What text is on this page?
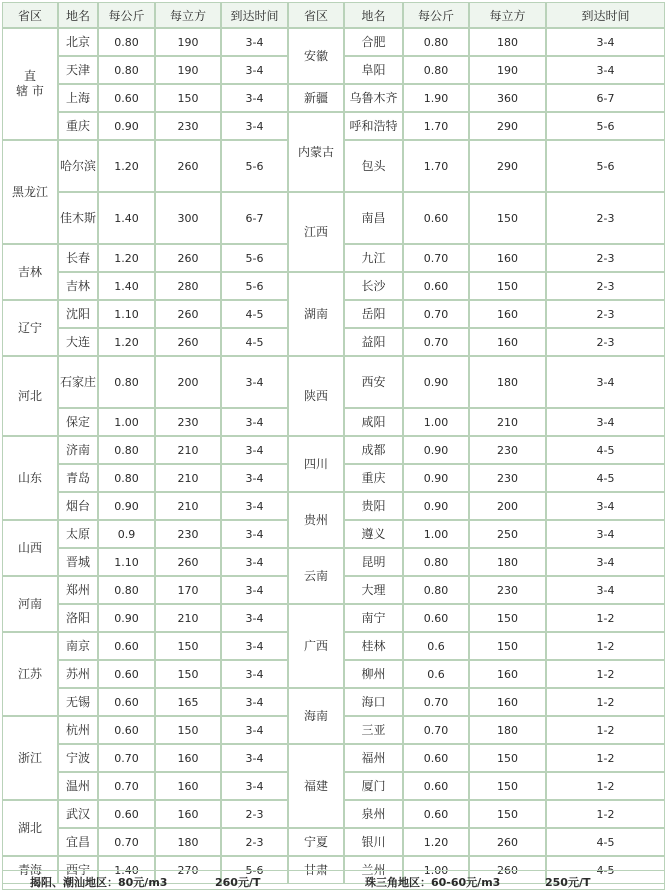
省区	地名	每公斤	每立方	到达时间
直
辖 市	北京	0.80	190	3-4
	天津	0.80	190	3-4
	上海	0.60	150	3-4
	重庆	0.90	230	3-4
黑龙江	哈尔滨	1.20	260	5-6
	佳木斯	1.40	300	6-7
吉林	长春	1.20	260	5-6
	吉林	1.40	280	5-6
辽宁	沈阳	1.10	260	4-5
	大连	1.20	260	4-5
河北	石家庄	0.80	200	3-4
	保定	1.00	230	3-4
山东	济南	0.80	210	3-4
	青岛	0.80	210	3-4
	烟台	0.90	210	3-4
山西	太原	0.9	230	3-4
	晋城	1.10	260	3-4
河南	郑州	0.80	170	3-4
	洛阳	0.90	210	3-4
江苏	南京	0.60	150	3-4
	苏州	0.60	150	3-4
	无锡	0.60	165	3-4
浙江	杭州	0.60	150	3-4
	宁波	0.70	160	3-4
	温州	0.70	160	3-4
湖北	武汉	0.60	160	2-3
	宜昌	0.70	180	2-3
青海	西宁	1.40	270	5-6
省区	地名	每公斤	每立方	到达时间
安徽	合肥	0.80	180	3-4
	阜阳	0.80	190	3-4
新疆	乌鲁木齐	1.90	360	6-7
内蒙古	呼和浩特	1.70	290	5-6
	包头	1.70	290	5-6
江西	南昌	0.60	150	2-3
	九江	0.70	160	2-3
湖南	长沙	0.60	150	2-3
	岳阳	0.70	160	2-3
	益阳	0.70	160	2-3
陕西	西安	0.90	180	3-4
	咸阳	1.00	210	3-4
四川	成都	0.90	230	4-5
	重庆	0.90	230	4-5
贵州	贵阳	0.90	200	3-4
	遵义	1.00	250	3-4
云南	昆明	0.80	180	3-4
	大理	0.80	230	3-4
广西	南宁	0.60	150	1-2
	桂林	0.6	150	1-2
	柳州	0.6	160	1-2
海南	海口	0.70	160	1-2
	三亚	0.70	180	1-2
福建	福州	0.60	150	1-2
	厦门	0.60	150	1-2
	泉州	0.60	150	1-2
宁夏	银川	1.20	260	4-5
甘肃	兰州	1.00	260	4-5
揭阳、潮汕地区：80元/m3	260元/T	珠三角地区：60-60元/m3	250元/T
